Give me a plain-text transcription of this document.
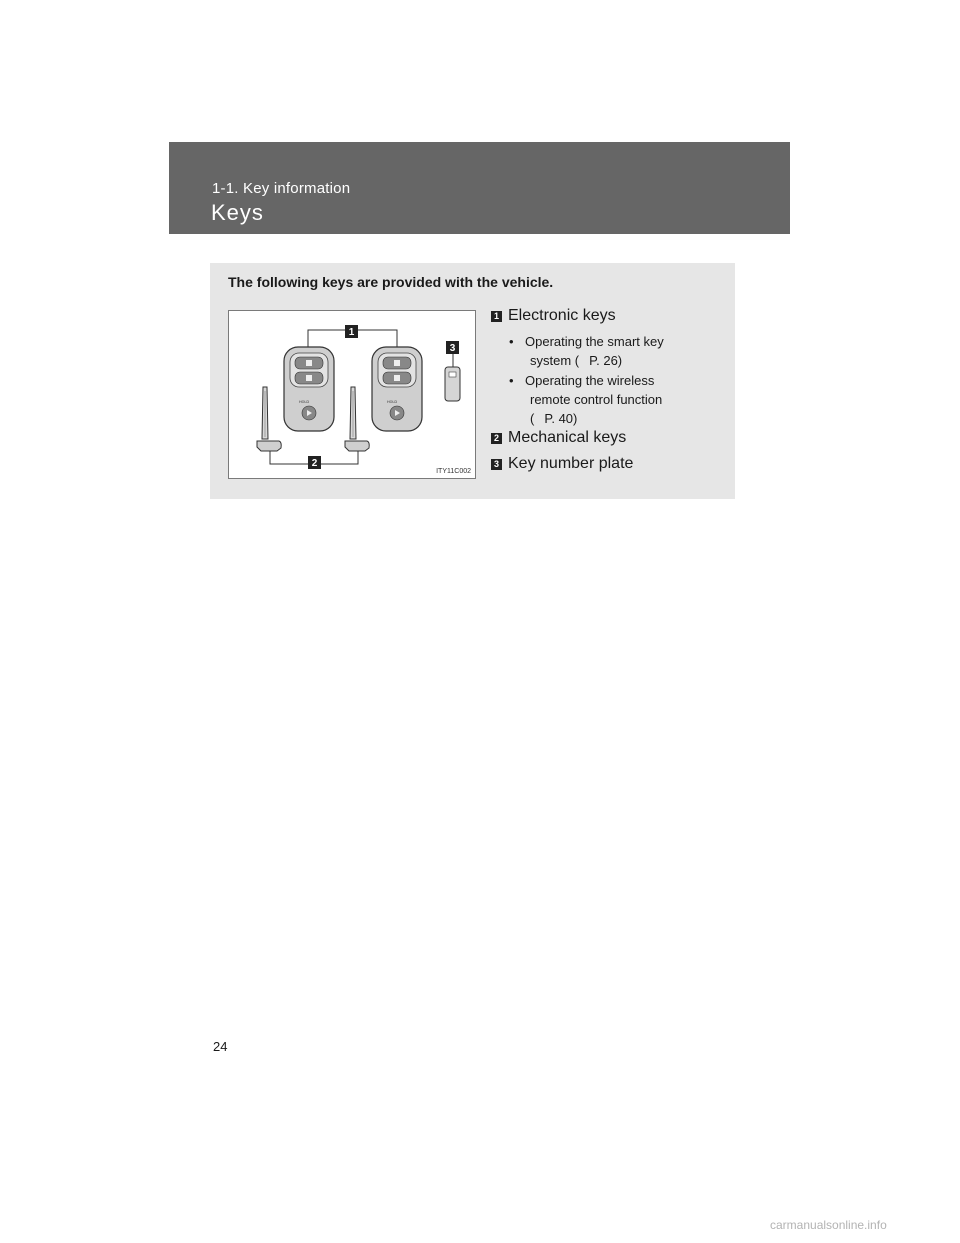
1-1. Key information
Keys
The following keys are provided with the vehicle.
HOLD	HOLD
1
2
3
ITY11C002
1 Electronic keys
• Operating the smart key
system ( P. 26)
• Operating the wireless
remote control function
( P. 40)
2 Mechanical keys
3 Key number plate
24
carmanualsonline.info
